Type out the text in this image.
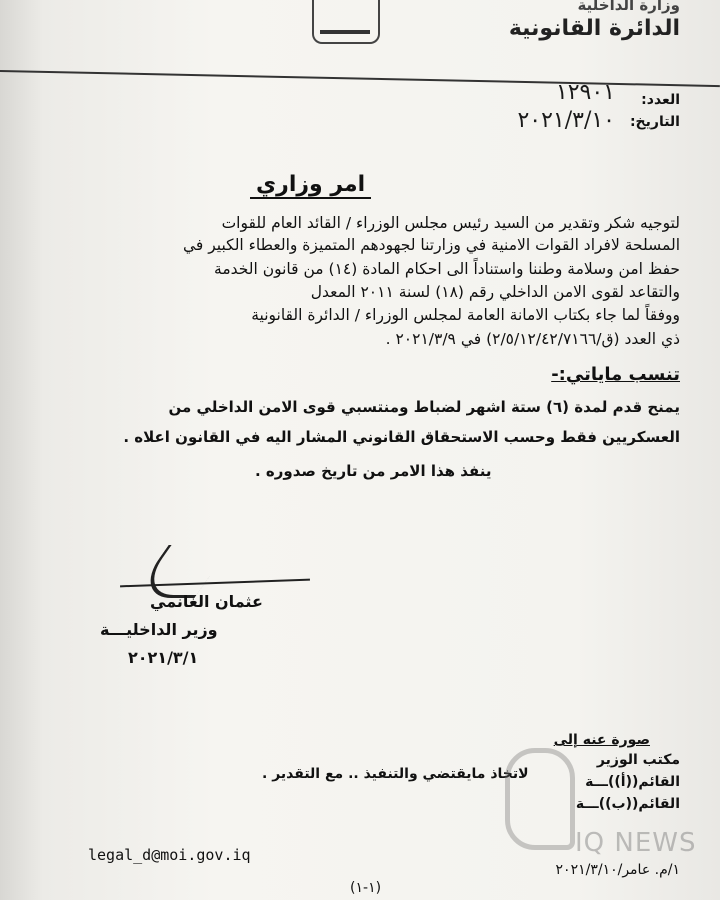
وزارة الداخلية
الدائرة القانونية
العدد:
١٢٩٠١
التاريخ:
٢٠٢١/٣/١٠
امر وزاري
لتوجيه شكر وتقدير من السيد رئيس مجلس الوزراء / القائد العام للقوات
المسلحة لافراد القوات الامنية في وزارتنا لجهودهم المتميزة والعطاء الكبير في
حفظ امن وسلامة وطننا واستناداً الى احكام المادة (١٤) من قانون الخدمة
والتقاعد لقوى الامن الداخلي رقم (١٨) لسنة ٢٠١١ المعدل
ووفقاً لما جاء بكتاب الامانة العامة لمجلس الوزراء / الدائرة القانونية
ذي العدد (ق/٢/٥/١٢/٤٢/٧١٦٦) في ٢٠٢١/٣/٩ .
تنسب ماياتي:-
يمنح قدم لمدة (٦) ستة اشهر لضباط ومنتسبي قوى الامن الداخلي من
العسكريين فقط وحسب الاستحقاق القانوني المشار اليه في القانون اعلاه .
ينفذ هذا الامر من تاريخ صدوره .
عثمان الغانمي
وزير الداخليـــة
٢٠٢١/٣/١
صورة عنه إلى
مكتب الوزير
القائم((أ))ـــة
القائم((ب))ـــة
لاتخاذ مايقتضي والتنفيذ .. مع التقدير .
legal_d@moi.gov.iq
١/م. عامر/٢٠٢١/٣/١٠
(١-١)
IQ NEWS
